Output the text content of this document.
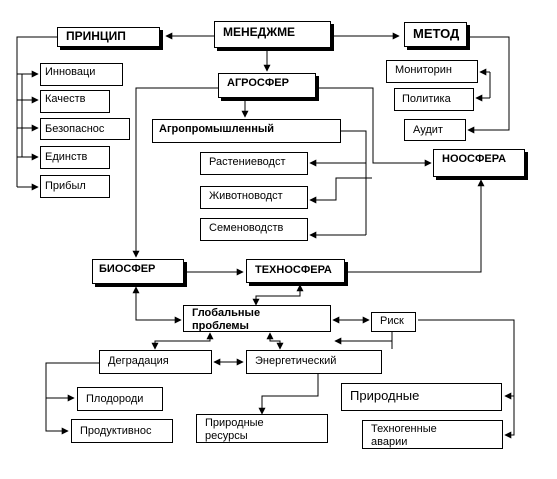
МЕНЕДЖМЕ
ПРИНЦИП	МЕТОД
Инноваци
Качеств
Безопаснос
Единств
Прибыл
АГРОСФЕР
Агропромышленный
Растениеводст
Животноводст
Семеноводств
Мониторин
Политика
Аудит
НООСФЕРА
БИОСФЕР	ТЕХНОСФЕРА
Глобальные
проблемы	Риск
Деградация	Энергетический
Плодороди
Продуктивнос
Природные
Природные
ресурсы
Техногенные
аварии
